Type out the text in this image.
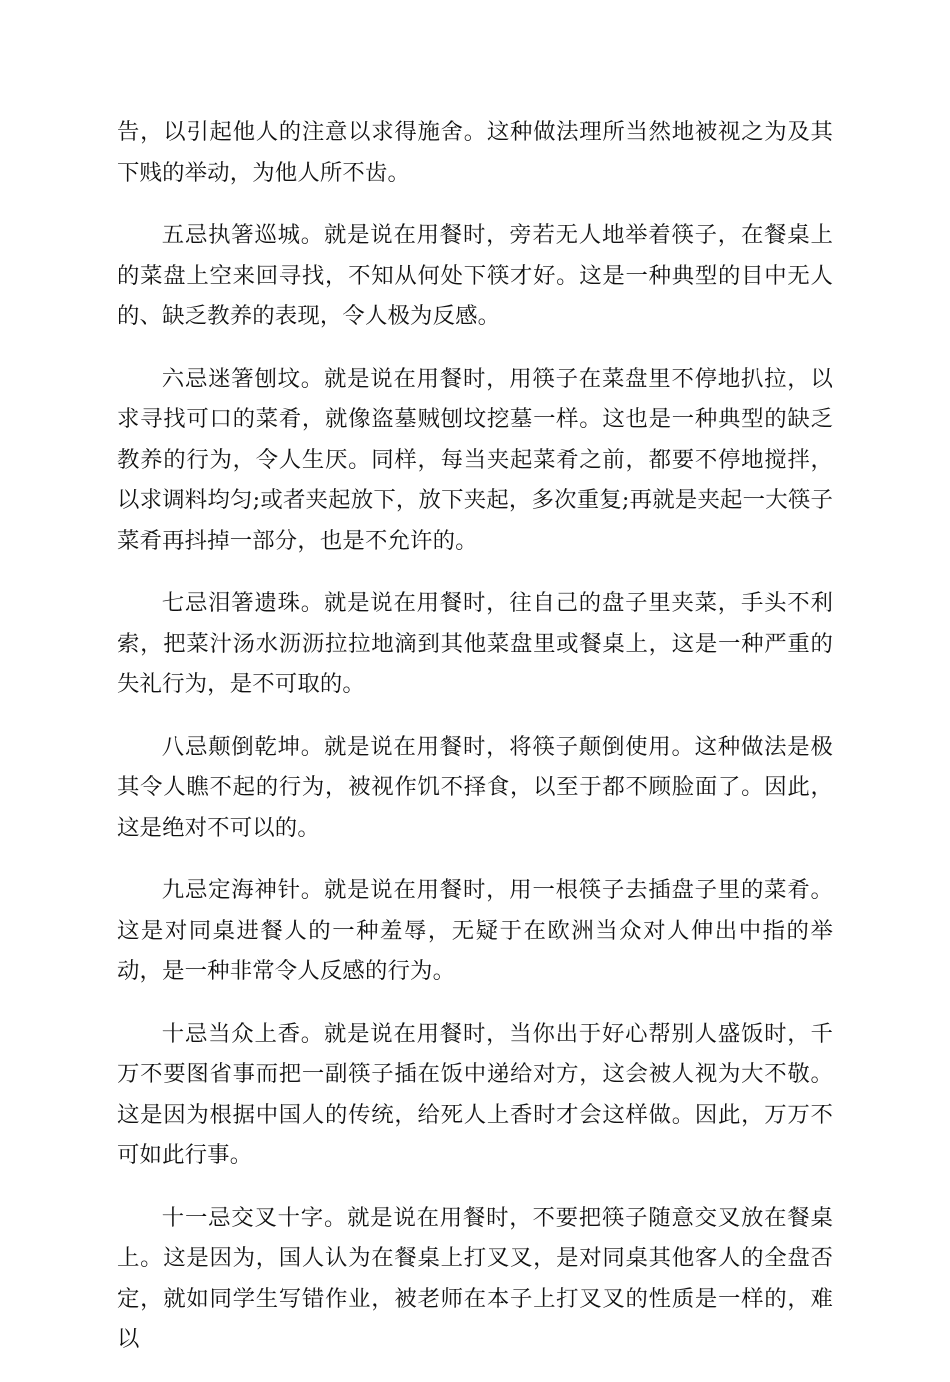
告，以引起他人的注意以求得施舍。这种做法理所当然地被视之为及其下贱的举动，为他人所不齿。

五忌执箸巡城。就是说在用餐时，旁若无人地举着筷子，在餐桌上的菜盘上空来回寻找，不知从何处下筷才好。这是一种典型的目中无人的、缺乏教养的表现，令人极为反感。

六忌迷箸刨坟。就是说在用餐时，用筷子在菜盘里不停地扒拉，以求寻找可口的菜肴，就像盗墓贼刨坟挖墓一样。这也是一种典型的缺乏教养的行为，令人生厌。同样，每当夹起菜肴之前，都要不停地搅拌，以求调料均匀;或者夹起放下，放下夹起，多次重复;再就是夹起一大筷子菜肴再抖掉一部分，也是不允许的。

七忌泪箸遗珠。就是说在用餐时，往自己的盘子里夹菜，手头不利索，把菜汁汤水沥沥拉拉地滴到其他菜盘里或餐桌上，这是一种严重的失礼行为，是不可取的。

八忌颠倒乾坤。就是说在用餐时，将筷子颠倒使用。这种做法是极其令人瞧不起的行为，被视作饥不择食，以至于都不顾脸面了。因此，这是绝对不可以的。

九忌定海神针。就是说在用餐时，用一根筷子去插盘子里的菜肴。这是对同桌进餐人的一种羞辱，无疑于在欧洲当众对人伸出中指的举动，是一种非常令人反感的行为。

十忌当众上香。就是说在用餐时，当你出于好心帮别人盛饭时，千万不要图省事而把一副筷子插在饭中递给对方，这会被人视为大不敬。这是因为根据中国人的传统，给死人上香时才会这样做。因此，万万不可如此行事。

十一忌交叉十字。就是说在用餐时，不要把筷子随意交叉放在餐桌上。这是因为，国人认为在餐桌上打叉叉，是对同桌其他客人的全盘否定，就如同学生写错作业，被老师在本子上打叉叉的性质是一样的，难以
